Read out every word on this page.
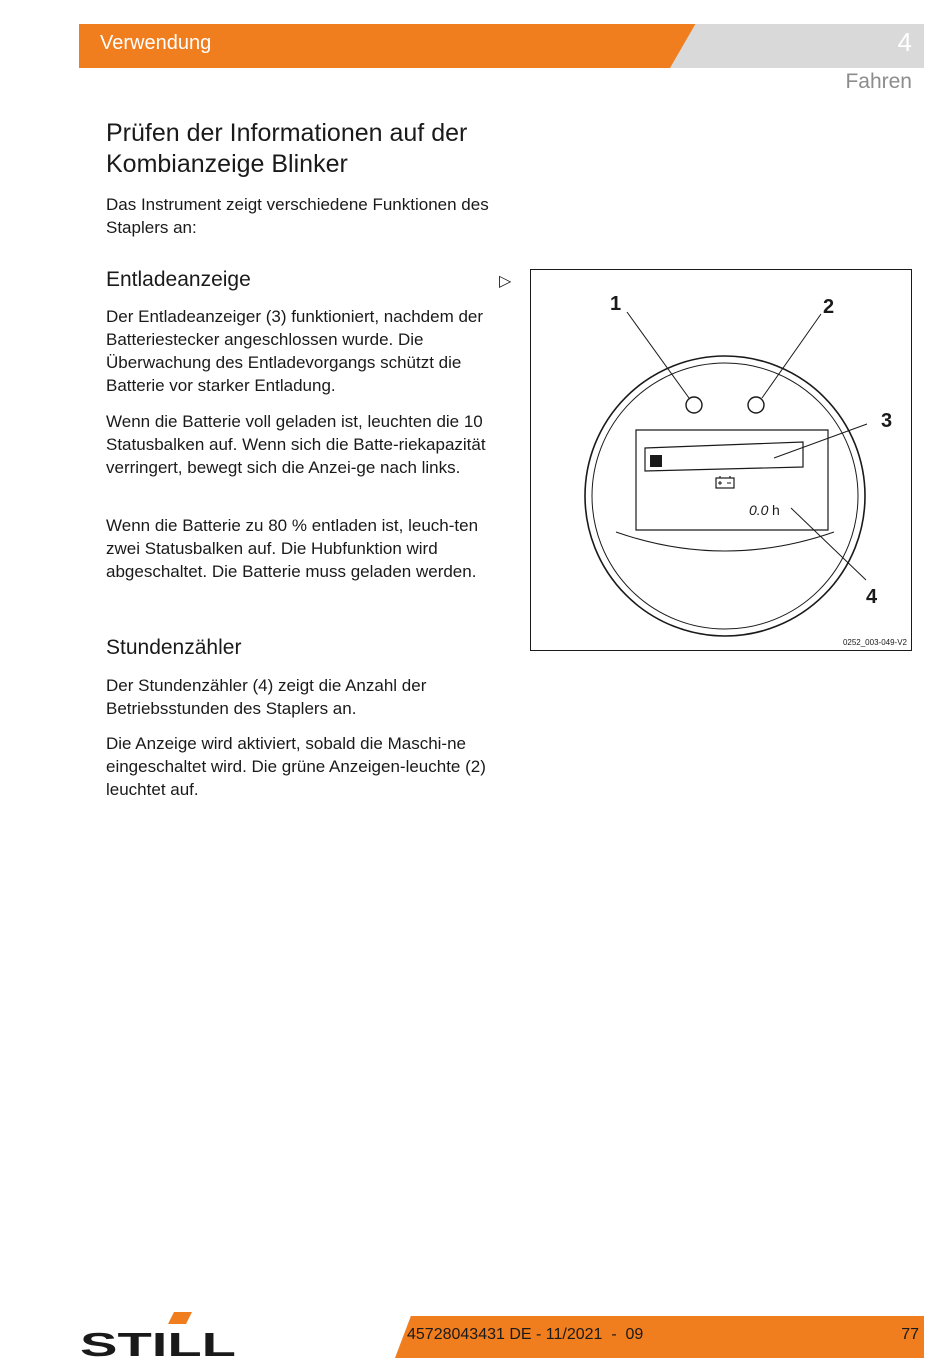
Verwendung	4
Fahren
Prüfen der Informationen auf der Kombianzeige Blinker
Das Instrument zeigt verschiedene Funktionen des Staplers an:
Entladeanzeige	▷
Der Entladeanzeiger (3) funktioniert, nachdem der Batteriestecker angeschlossen wurde. Die Überwachung des Entladevorgangs schützt die Batterie vor starker Entladung.
Wenn die Batterie voll geladen ist, leuchten die 10 Statusbalken auf. Wenn sich die Batte-riekapazität verringert, bewegt sich die Anzei-ge nach links.
Wenn die Batterie zu 80 % entladen ist, leuch-ten zwei Statusbalken auf. Die Hubfunktion wird abgeschaltet. Die Batterie muss geladen werden.
Stundenzähler
Der Stundenzähler (4) zeigt die Anzahl der Betriebsstunden des Staplers an.
Die Anzeige wird aktiviert, sobald die Maschi-ne eingeschaltet wird. Die grüne Anzeigen-leuchte (2) leuchtet auf.
0.0 h
1	2
3
4
0252_003-049-V2
STILL	45728043431 DE - 11/2021  -  09	77
